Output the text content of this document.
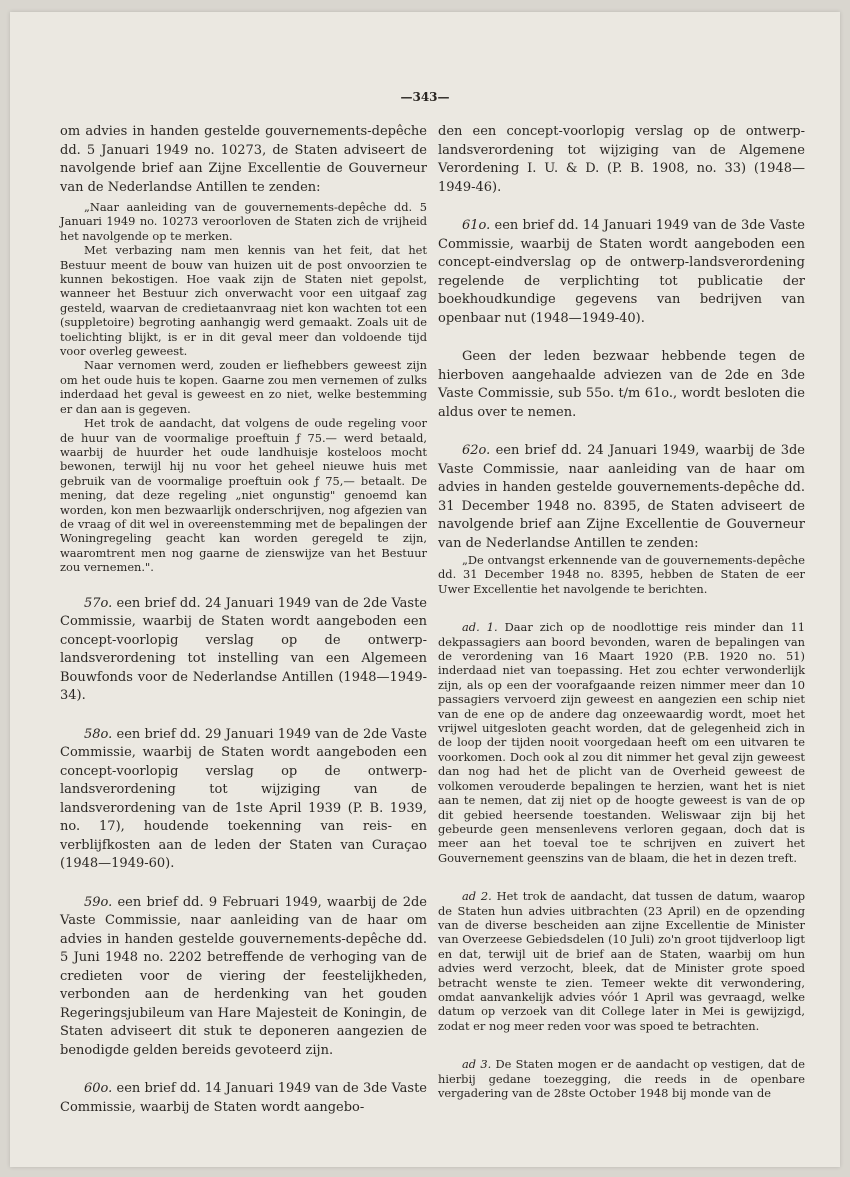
—343—

om advies in handen gestelde gouvernements-depêche dd. 5 Januari 1949 no. 10273, de Staten adviseert de navolgende brief aan Zijne Excellentie de Gouverneur van de Nederlandse Antillen te zenden:

„Naar aanleiding van de gouvernements-depêche dd. 5 Januari 1949 no. 10273 veroorloven de Staten zich de vrijheid het navolgende op te merken.

Met verbazing nam men kennis van het feit, dat het Bestuur meent de bouw van huizen uit de post onvoorzien te kunnen bekostigen. Hoe vaak zijn de Staten niet gepolst, wanneer het Bestuur zich onverwacht voor een uitgaaf zag gesteld, waarvan de credietaanvraag niet kon wachten tot een (suppletoire) begroting aanhangig werd gemaakt. Zoals uit de toelichting blijkt, is er in dit geval meer dan voldoende tijd voor overleg geweest.

Naar vernomen werd, zouden er liefhebbers geweest zijn om het oude huis te kopen. Gaarne zou men vernemen of zulks inderdaad het geval is geweest en zo niet, welke bestemming er dan aan is gegeven.

Het trok de aandacht, dat volgens de oude regeling voor de huur van de voormalige proeftuin ƒ 75.— werd betaald, waarbij de huurder het oude landhuisje kosteloos mocht bewonen, terwijl hij nu voor het geheel nieuwe huis met gebruik van de voormalige proeftuin ook ƒ 75,— betaalt. De mening, dat deze regeling „niet ongunstig" genoemd kan worden, kon men bezwaarlijk onderschrijven, nog afgezien van de vraag of dit wel in overeenstemming met de bepalingen der Woningregeling geacht kan worden geregeld te zijn, waaromtrent men nog gaarne de zienswijze van het Bestuur zou vernemen.".

57o. een brief dd. 24 Januari 1949 van de 2de Vaste Commissie, waarbij de Staten wordt aangeboden een concept-voorlopig verslag op de ontwerp-landsverordening tot instelling van een Algemeen Bouwfonds voor de Nederlandse Antillen (1948—1949-34).

58o. een brief dd. 29 Januari 1949 van de 2de Vaste Commissie, waarbij de Staten wordt aangeboden een concept-voorlopig verslag op de ontwerp-landsverordening tot wijziging van de landsverordening van de 1ste April 1939 (P. B. 1939, no. 17), houdende toekenning van reis- en verblijfkosten aan de leden der Staten van Curaçao (1948—1949-60).

59o. een brief dd. 9 Februari 1949, waarbij de 2de Vaste Commissie, naar aanleiding van de haar om advies in handen gestelde gouvernements-depêche dd. 5 Juni 1948 no. 2202 betreffende de verhoging van de credieten voor de viering der feestelijkheden, verbonden aan de herdenking van het gouden Regeringsjubileum van Hare Majesteit de Koningin, de Staten adviseert dit stuk te deponeren aangezien de benodigde gelden bereids gevoteerd zijn.

60o. een brief dd. 14 Januari 1949 van de 3de Vaste Commissie, waarbij de Staten wordt aangebo-

den een concept-voorlopig verslag op de ontwerp-landsverordening tot wijziging van de Algemene Verordening I. U. & D. (P. B. 1908, no. 33) (1948—1949-46).

61o. een brief dd. 14 Januari 1949 van de 3de Vaste Commissie, waarbij de Staten wordt aangeboden een concept-eindverslag op de ontwerp-landsverordening regelende de verplichting tot publicatie der boekhoudkundige gegevens van bedrijven van openbaar nut (1948—1949-40).

Geen der leden bezwaar hebbende tegen de hierboven aangehaalde adviezen van de 2de en 3de Vaste Commissie, sub 55o. t/m 61o., wordt besloten die aldus over te nemen.

62o. een brief dd. 24 Januari 1949, waarbij de 3de Vaste Commissie, naar aanleiding van de haar om advies in handen gestelde gouvernements-depêche dd. 31 December 1948 no. 8395, de Staten adviseert de navolgende brief aan Zijne Excellentie de Gouverneur van de Nederlandse Antillen te zenden:

„De ontvangst erkennende van de gouvernements-depêche dd. 31 December 1948 no. 8395, hebben de Staten de eer Uwer Excellentie het navolgende te berichten.

ad. 1. Daar zich op de noodlottige reis minder dan 11 dekpassagiers aan boord bevonden, waren de bepalingen van de verordening van 16 Maart 1920 (P.B. 1920 no. 51) inderdaad niet van toepassing. Het zou echter verwonderlijk zijn, als op een der voorafgaande reizen nimmer meer dan 10 passagiers vervoerd zijn geweest en aangezien een schip niet van de ene op de andere dag onzeewaardig wordt, moet het vrijwel uitgesloten geacht worden, dat de gelegenheid zich in de loop der tijden nooit voorgedaan heeft om een uitvaren te voorkomen. Doch ook al zou dit nimmer het geval zijn geweest dan nog had het de plicht van de Overheid geweest de volkomen verouderde bepalingen te herzien, want het is niet aan te nemen, dat zij niet op de hoogte geweest is van de op dit gebied heersende toestanden. Weliswaar zijn bij het gebeurde geen mensenlevens verloren gegaan, doch dat is meer aan het toeval toe te schrijven en zuivert het Gouvernement geenszins van de blaam, die het in dezen treft.

ad 2. Het trok de aandacht, dat tussen de datum, waarop de Staten hun advies uitbrachten (23 April) en de opzending van de diverse bescheiden aan zijne Excellentie de Minister van Overzeese Gebiedsdelen (10 Juli) zo'n groot tijdverloop ligt en dat, terwijl uit de brief aan de Staten, waarbij om hun advies werd verzocht, bleek, dat de Minister grote spoed betracht wenste te zien. Temeer wekte dit verwondering, omdat aanvankelijk advies vóór 1 April was gevraagd, welke datum op verzoek van dit College later in Mei is gewijzigd, zodat er nog meer reden voor was spoed te betrachten.

ad 3. De Staten mogen er de aandacht op vestigen, dat de hierbij gedane toezegging, die reeds in de openbare vergadering van de 28ste October 1948 bij monde van de
